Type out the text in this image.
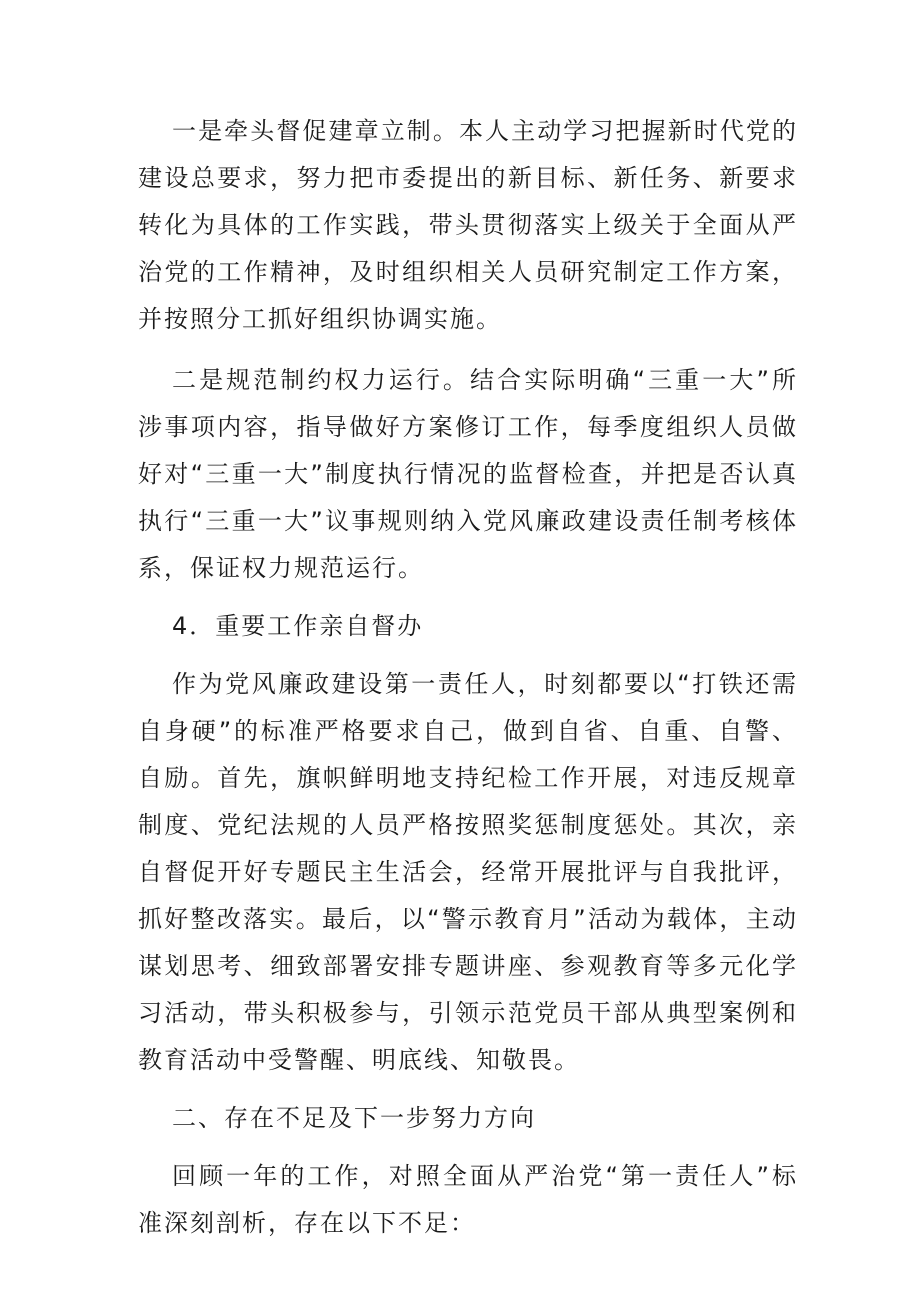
一是牵头督促建章立制。本人主动学习把握新时代党的建设总要求，努力把市委提出的新目标、新任务、新要求转化为具体的工作实践，带头贯彻落实上级关于全面从严治党的工作精神，及时组织相关人员研究制定工作方案，并按照分工抓好组织协调实施。

二是规范制约权力运行。结合实际明确“三重一大”所涉事项内容，指导做好方案修订工作，每季度组织人员做好对“三重一大”制度执行情况的监督检查，并把是否认真执行“三重一大”议事规则纳入党风廉政建设责任制考核体系，保证权力规范运行。

4．重要工作亲自督办

作为党风廉政建设第一责任人，时刻都要以“打铁还需自身硬”的标准严格要求自己，做到自省、自重、自警、自励。首先，旗帜鲜明地支持纪检工作开展，对违反规章制度、党纪法规的人员严格按照奖惩制度惩处。其次，亲自督促开好专题民主生活会，经常开展批评与自我批评，抓好整改落实。最后，以“警示教育月”活动为载体，主动谋划思考、细致部署安排专题讲座、参观教育等多元化学习活动，带头积极参与，引领示范党员干部从典型案例和教育活动中受警醒、明底线、知敬畏。

二、存在不足及下一步努力方向

回顾一年的工作，对照全面从严治党“第一责任人”标准深刻剖析，存在以下不足：
